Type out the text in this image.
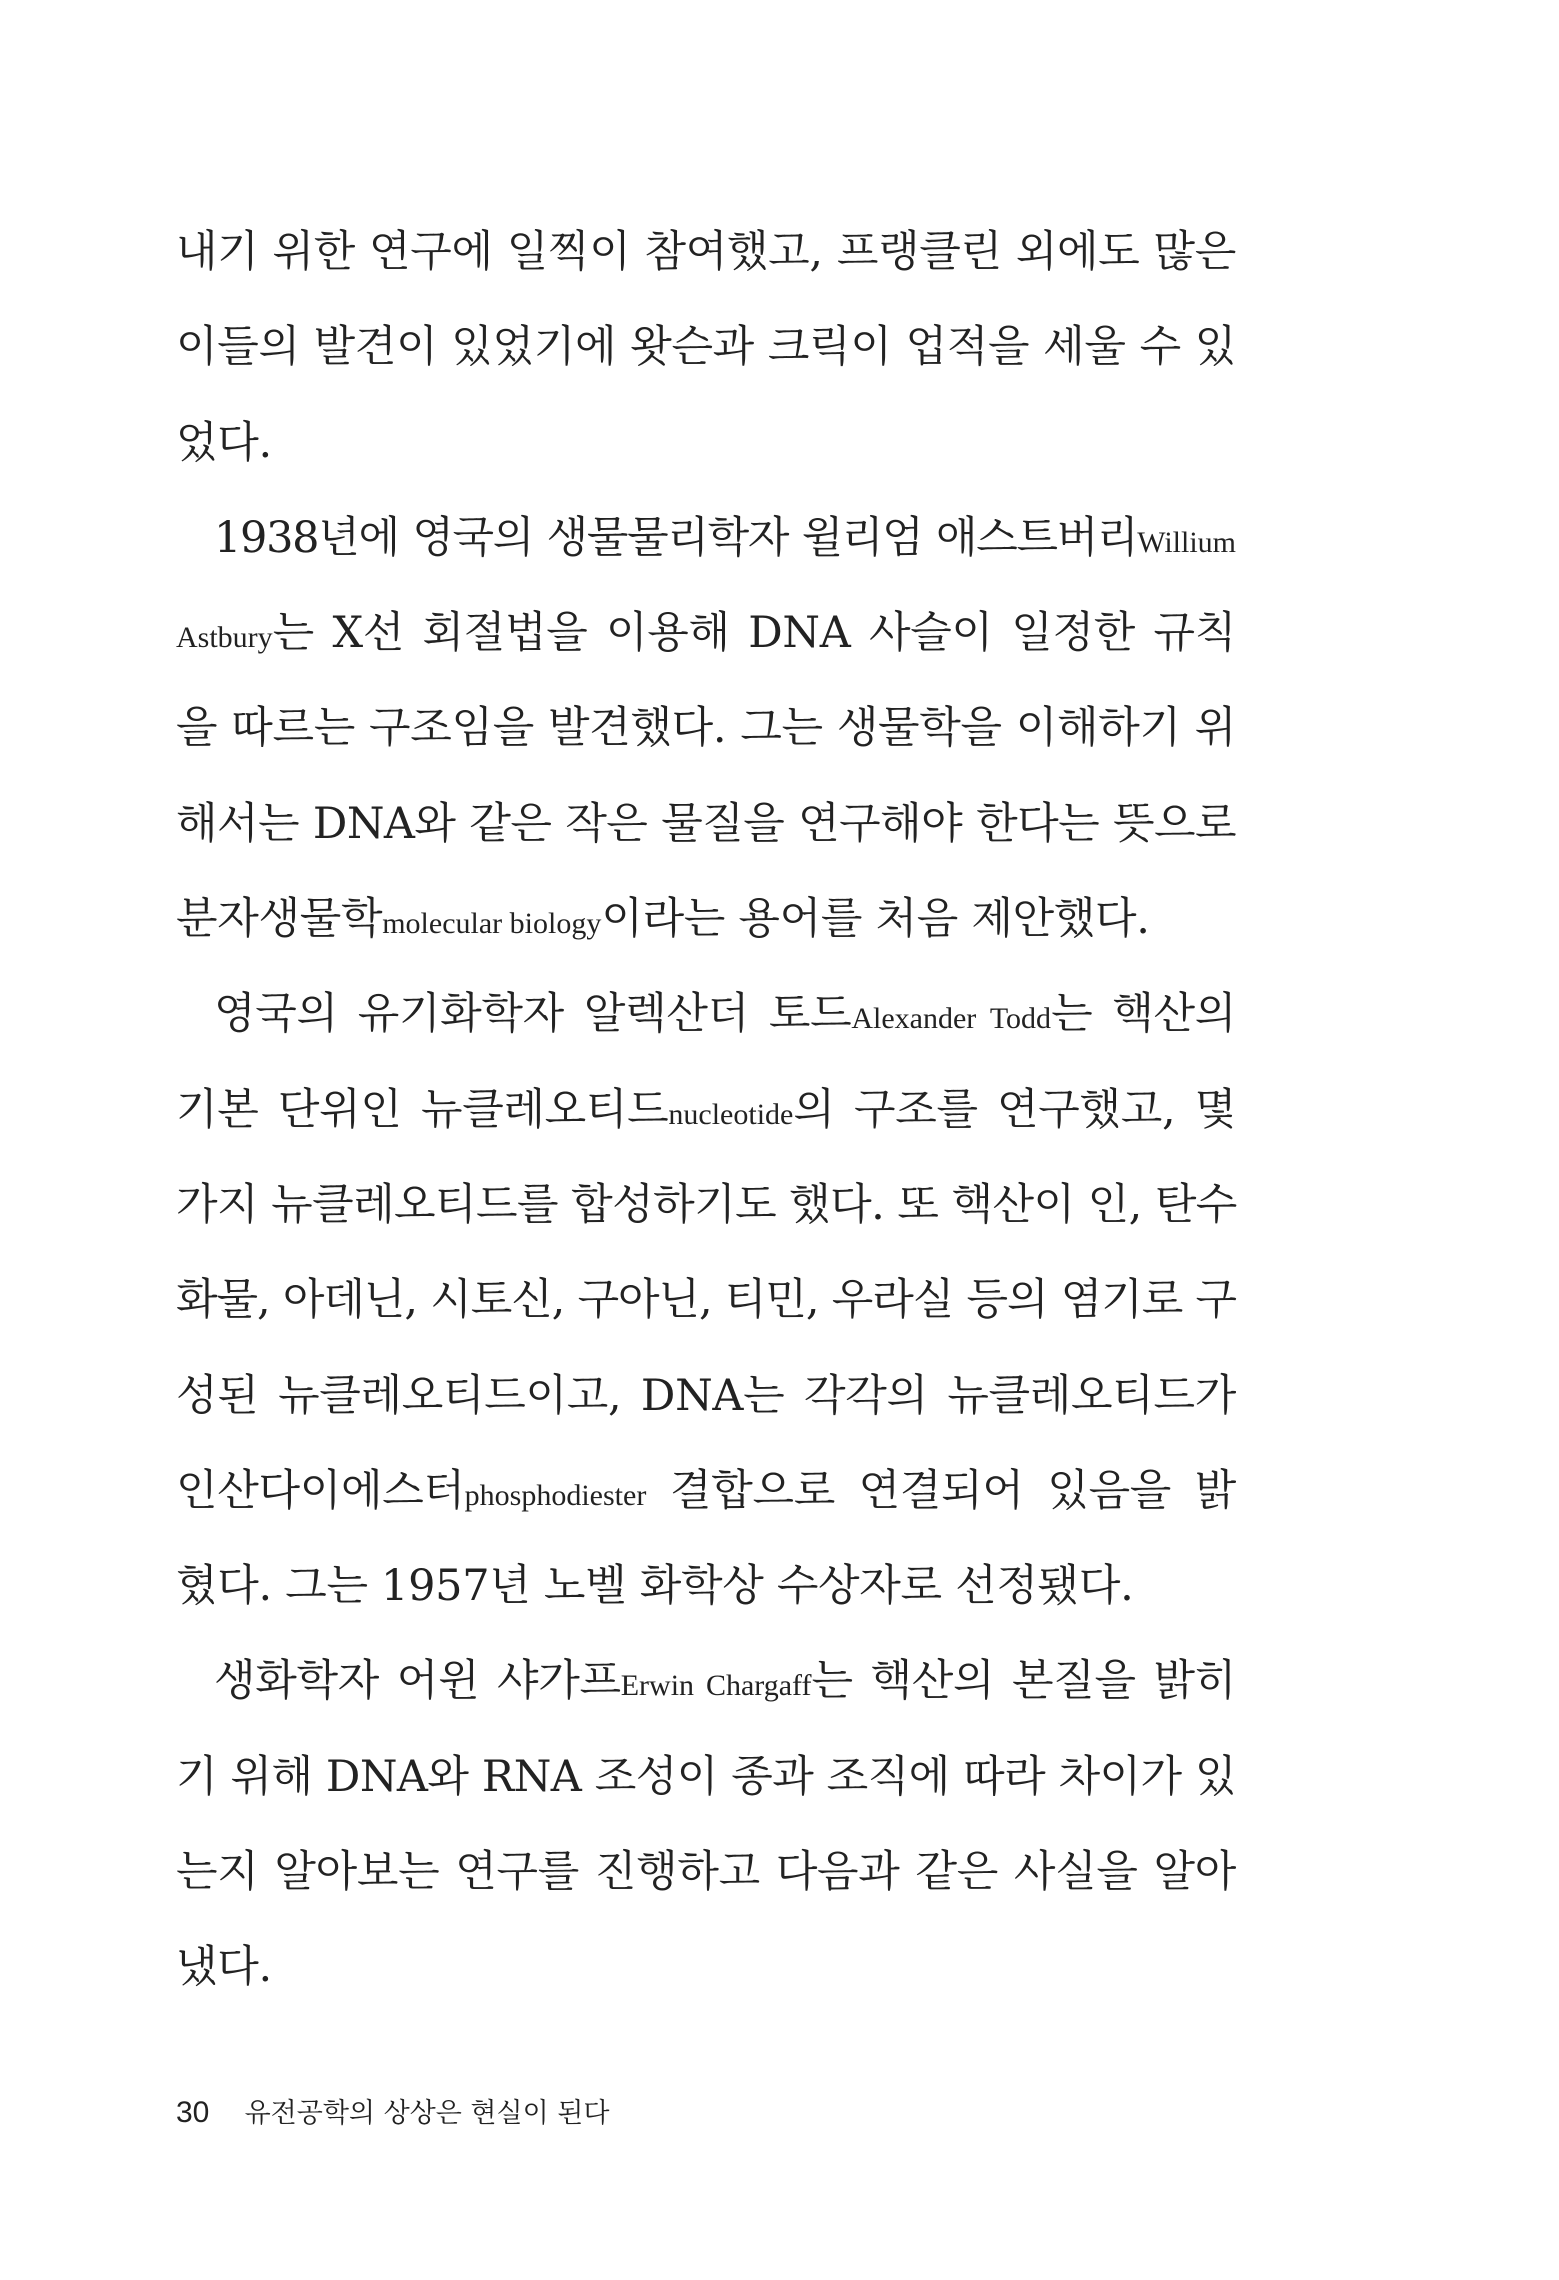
내기 위한 연구에 일찍이 참여했고, 프랭클린 외에도 많은
이들의 발견이 있었기에 왓슨과 크릭이 업적을 세울 수 있
었다.
1938년에 영국의 생물물리학자 윌리엄 애스트버리Willium
Astbury는 X선 회절법을 이용해 DNA 사슬이 일정한 규칙
을 따르는 구조임을 발견했다. 그는 생물학을 이해하기 위
해서는 DNA와 같은 작은 물질을 연구해야 한다는 뜻으로
분자생물학molecular biology이라는 용어를 처음 제안했다.
영국의 유기화학자 알렉산더 토드Alexander Todd는 핵산의
기본 단위인 뉴클레오티드nucleotide의 구조를 연구했고, 몇
가지 뉴클레오티드를 합성하기도 했다. 또 핵산이 인, 탄수
화물, 아데닌, 시토신, 구아닌, 티민, 우라실 등의 염기로 구
성된 뉴클레오티드이고, DNA는 각각의 뉴클레오티드가
인산다이에스터phosphodiester 결합으로 연결되어 있음을 밝
혔다. 그는 1957년 노벨 화학상 수상자로 선정됐다.
생화학자 어윈 샤가프Erwin Chargaff는 핵산의 본질을 밝히
기 위해 DNA와 RNA 조성이 종과 조직에 따라 차이가 있
는지 알아보는 연구를 진행하고 다음과 같은 사실을 알아
냈다.
30 유전공학의 상상은 현실이 된다
